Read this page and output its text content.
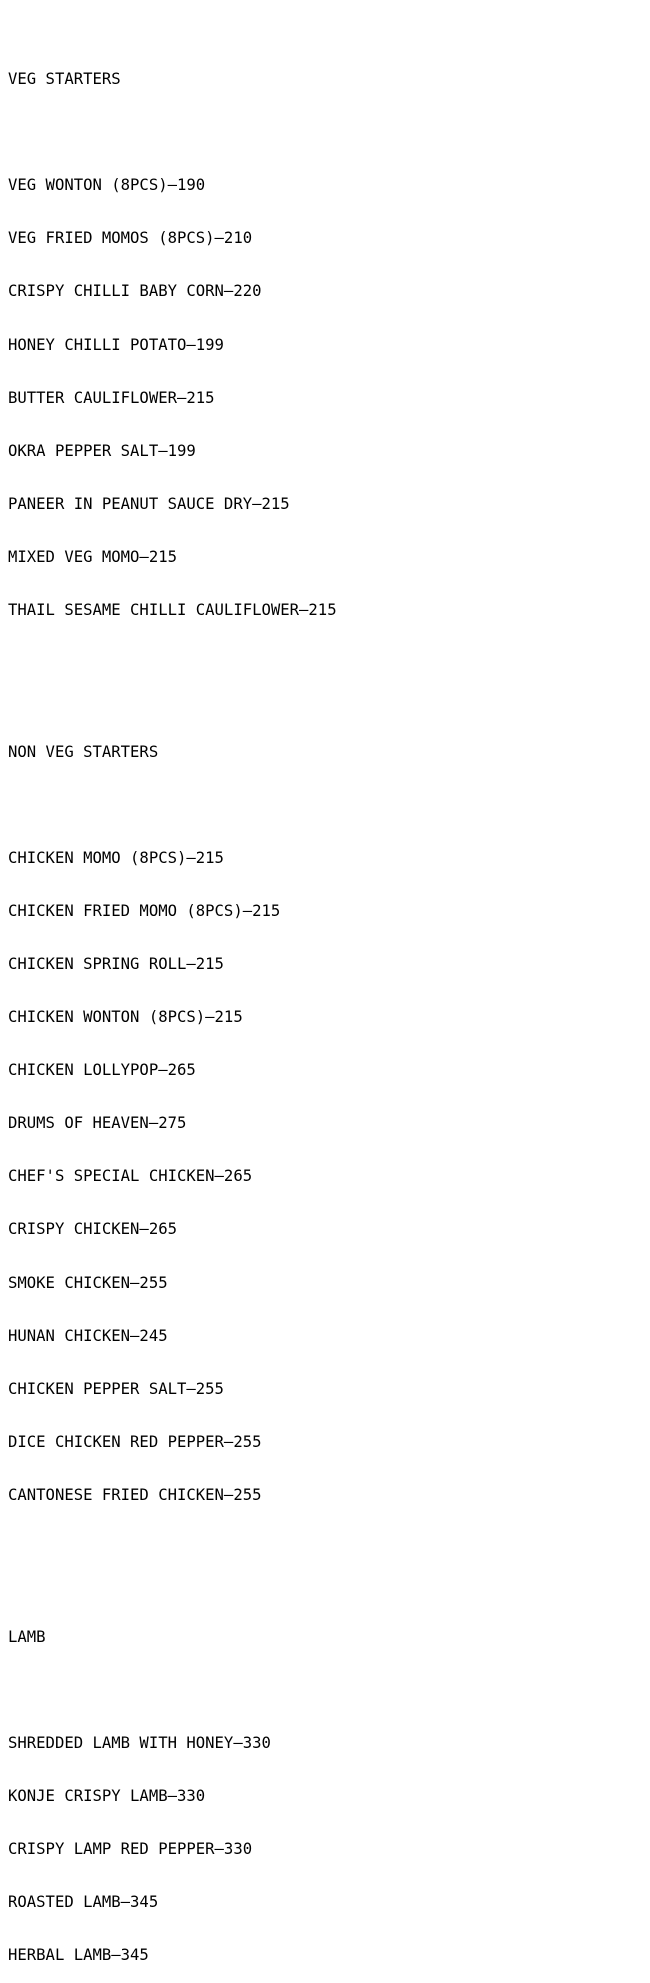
VEG STARTERS

VEG WONTON (8PCS)–190

VEG FRIED MOMOS (8PCS)–210

CRISPY CHILLI BABY CORN–220

HONEY CHILLI POTATO–199

BUTTER CAULIFLOWER–215

OKRA PEPPER SALT–199

PANEER IN PEANUT SAUCE DRY–215

MIXED VEG MOMO–215

THAIL SESAME CHILLI CAULIFLOWER–215

NON VEG STARTERS

CHICKEN MOMO (8PCS)–215

CHICKEN FRIED MOMO (8PCS)–215

CHICKEN SPRING ROLL–215

CHICKEN WONTON (8PCS)–215

CHICKEN LOLLYPOP–265

DRUMS OF HEAVEN–275

CHEF'S SPECIAL CHICKEN–265

CRISPY CHICKEN–265

SMOKE CHICKEN–255

HUNAN CHICKEN–245

CHICKEN PEPPER SALT–255

DICE CHICKEN RED PEPPER–255

CANTONESE FRIED CHICKEN–255

LAMB

SHREDDED LAMB WITH HONEY–330

KONJE CRISPY LAMB–330

CRISPY LAMP RED PEPPER–330

ROASTED LAMB–345

HERBAL LAMB–345
